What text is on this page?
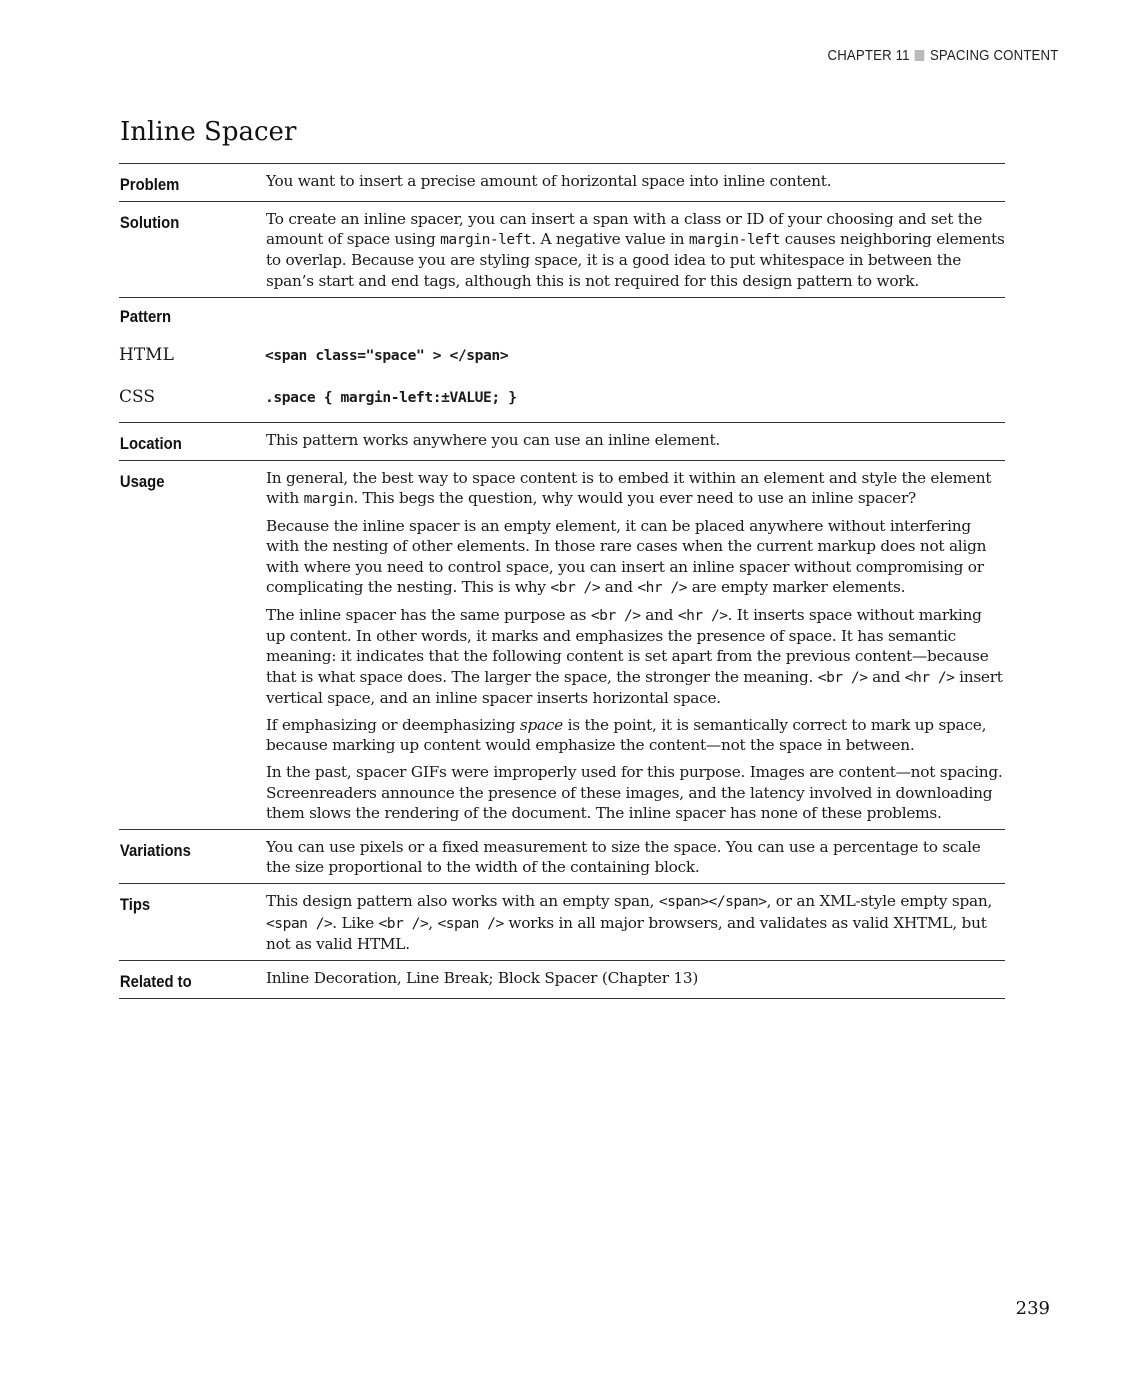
CHAPTER 11 SPACING CONTENT
Inline Spacer
Problem	You want to insert a precise amount of horizontal space into inline content.
Solution	To create an inline spacer, you can insert a span with a class or ID of your choosing and set the amount of space using margin-left. A negative value in margin-left causes neighboring elements to overlap. Because you are styling space, it is a good idea to put whitespace in between the span’s start and end tags, although this is not required for this design pattern to work.
Pattern
HTML	<span class="space" > </span>
CSS	.space { margin-left:±VALUE; }
Location	This pattern works anywhere you can use an inline element.
Usage	In general, the best way to space content is to embed it within an element and style the element with margin. This begs the question, why would you ever need to use an inline spacer?

Because the inline spacer is an empty element, it can be placed anywhere without interfering with the nesting of other elements. In those rare cases when the current markup does not align with where you need to control space, you can insert an inline spacer without compromising or complicating the nesting. This is why <br /> and <hr /> are empty marker elements.

The inline spacer has the same purpose as <br /> and <hr />. It inserts space without marking up content. In other words, it marks and emphasizes the presence of space. It has semantic meaning: it indicates that the following content is set apart from the previous content—because that is what space does. The larger the space, the stronger the meaning. <br /> and <hr /> insert vertical space, and an inline spacer inserts horizontal space.

If emphasizing or deemphasizing space is the point, it is semantically correct to mark up space, because marking up content would emphasize the content—not the space in between.

In the past, spacer GIFs were improperly used for this purpose. Images are content—not spacing. Screenreaders announce the presence of these images, and the latency involved in downloading them slows the rendering of the document. The inline spacer has none of these problems.

Variations	You can use pixels or a fixed measurement to size the space. You can use a percentage to scale the size proportional to the width of the containing block.
Tips	This design pattern also works with an empty span, <span></span>, or an XML-style empty span, <span />. Like <br />, <span /> works in all major browsers, and validates as valid XHTML, but not as valid HTML.
Related to	Inline Decoration, Line Break; Block Spacer (Chapter 13)
239
